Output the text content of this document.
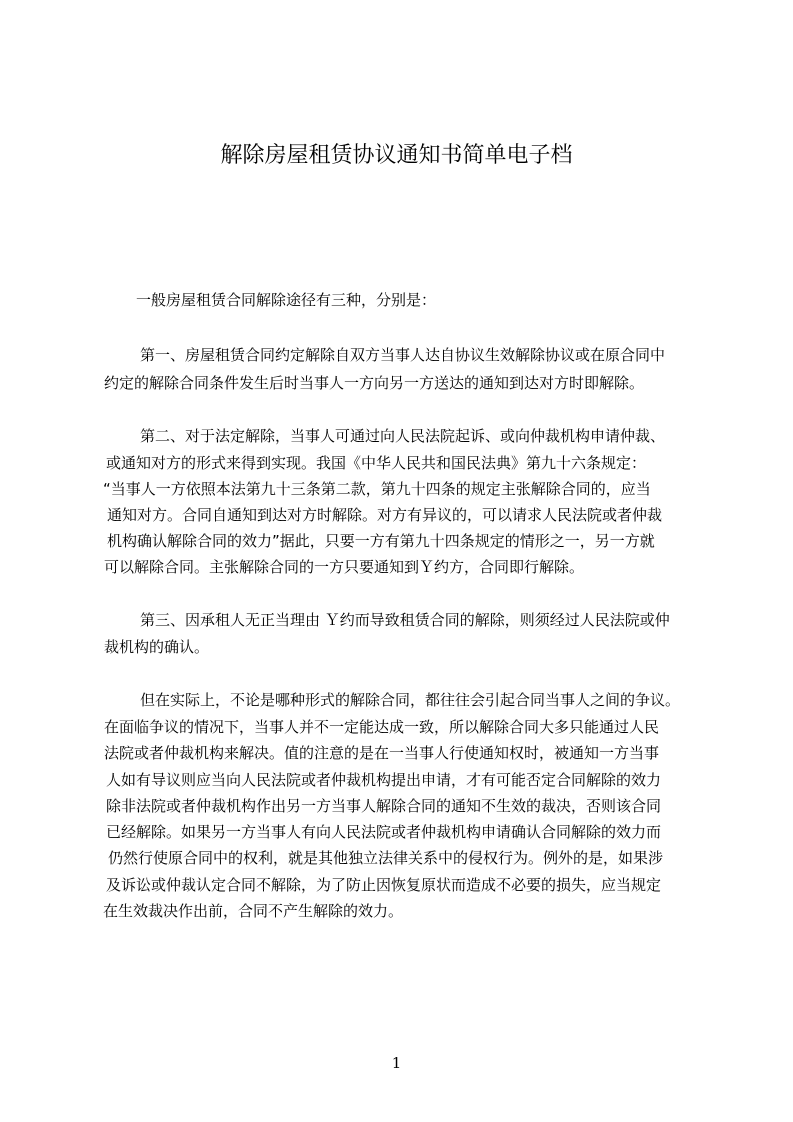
解除房屋租赁协议通知书简单电子档
一般房屋租赁合同解除途径有三种，分别是：
第一、房屋租赁合同约定解除自双方当事人达自协议生效解除协议或在原合同中
约定的解除合同条件发生后时当事人一方向另一方送达的通知到达对方时即解除。
第二、对于法定解除，当事人可通过向人民法院起诉、或向仲裁机构申请仲裁、
或通知对方的形式来得到实现。我国《中华人民共和国民法典》第九十六条规定：
“当事人一方依照本法第九十三条第二款，第九十四条的规定主张解除合同的，应当
通知对方。合同自通知到达对方时解除。对方有异议的，可以请求人民法院或者仲裁
机构确认解除合同的效力”据此，只要一方有第九十四条规定的情形之一，另一方就
可以解除合同。主张解除合同的一方只要通知到Ｙ约方，合同即行解除。
第三、因承租人无正当理由 Ｙ约而导致租赁合同的解除，则须经过人民法院或仲
裁机构的确认。
但在实际上，不论是哪种形式的解除合同，都往往会引起合同当事人之间的争议。
在面临争议的情况下，当事人并不一定能达成一致，所以解除合同大多只能通过人民
法院或者仲裁机构来解决。值的注意的是在一当事人行使通知权时，被通知一方当事
人如有导议则应当向人民法院或者仲裁机构提出申请，才有可能否定合同解除的效力
除非法院或者仲裁机构作出另一方当事人解除合同的通知不生效的裁决，否则该合同
已经解除。如果另一方当事人有向人民法院或者仲裁机构申请确认合同解除的效力而
仍然行使原合同中的权利，就是其他独立法律关系中的侵权行为。例外的是，如果涉
及诉讼或仲裁认定合同不解除，为了防止因恢复原状而造成不必要的损失，应当规定
在生效裁决作出前，合同不产生解除的效力。
1
